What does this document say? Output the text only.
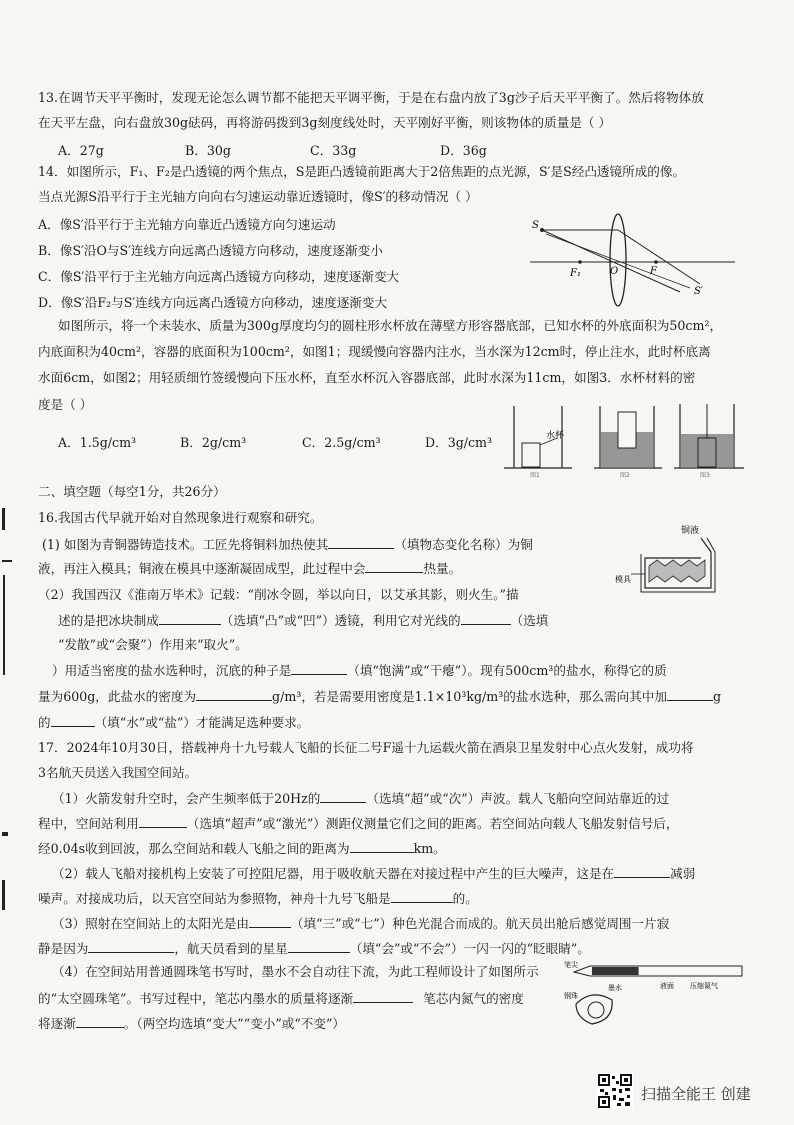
13.在调节天平平衡时，发现无论怎么调节都不能把天平调平衡，于是在右盘内放了3g沙子后天平平衡了。然后将物体放
在天平左盘，向右盘放30g砝码，再将游码拨到3g刻度线处时，天平刚好平衡，则该物体的质量是（ ）
A．27g	B．30g	C．33g	D．36g
14．如图所示，F₁、F₂是凸透镜的两个焦点，S是距凸透镜前距离大于2倍焦距的点光源，S′是S经凸透镜所成的像。
当点光源S沿平行于主光轴方向向右匀速运动靠近透镜时，像S′的移动情况（ ）
A．像S′沿平行于主光轴方向靠近凸透镜方向匀速运动
B．像S′沿O与S′连线方向远离凸透镜方向移动，速度逐渐变小
C．像S′沿平行于主光轴方向远离凸透镜方向移动，速度逐渐变大
D．像S′沿F₂与S′连线方向远离凸透镜方向移动，速度逐渐变大
S
F₁	O	F
S′
如图所示，将一个未装水、质量为300g厚度均匀的圆柱形水杯放在薄壁方形容器底部，已知水杯的外底面积为50cm²，
内底面积为40cm²，容器的底面积为100cm²，如图1；现缓慢向容器内注水，当水深为12cm时，停止注水，此时杯底离
水面6cm，如图2；用轻质细竹签缓慢向下压水杯，直至水杯沉入容器底部，此时水深为11cm，如图3．水杯材料的密
度是（ ）
A．1.5g/cm³	B．2g/cm³	C．2.5g/cm³	D．3g/cm³	水杯
图1	图2	图3
二、填空题（每空1分，共26分）
16.我国古代早就开始对自然现象进行观察和研究。
(1) 如图为青铜器铸造技术。工匠先将铜料加热使其	（填物态变化名称）为铜
液，再注入模具；铜液在模具中逐渐凝固成型，此过程中会	热量。
（2）我国西汉《淮南万毕术》记载：“削冰令圆，举以向日，以艾承其影，则火生。”描
述的是把冰块制成	（选填“凸”或“凹”）透镜，利用它对光线的	（选填
“发散”或“会聚”）作用来“取火”。
）用适当密度的盐水选种时，沉底的种子是	（填“饱满”或“干瘪”）。现有500cm³的盐水，称得它的质
量为600g，此盐水的密度为	g/m³，若是需要用密度是1.1×10³kg/m³的盐水选种，那么需向其中加	g
的	（填“水”或“盐”）才能满足选种要求。
铜液
模具
17．2024年10月30日，搭载神舟十九号载人飞船的长征二号F遥十九运载火箭在酒泉卫星发射中心点火发射，成功将
3名航天员送入我国空间站。
（1）火箭发射升空时，会产生频率低于20Hz的	（选填“超”或“次”）声波。载人飞船向空间站靠近的过
程中，空间站利用	（选填“超声”或“激光”）测距仪测量它们之间的距离。若空间站向载人飞船发射信号后，
经0.04s收到回波，那么空间站和载人飞船之间的距离为	km。
（2）载人飞船对接机构上安装了可控阻尼器，用于吸收航天器在对接过程中产生的巨大噪声，这是在	减弱
噪声。对接成功后，以天宫空间站为参照物，神舟十九号飞船是	的。
（3）照射在空间站上的太阳光是由	（填“三”或“七”）种色光混合而成的。航天员出舱后感觉周围一片寂
静是因为	，航天员看到的星星	（填“会”或“不会”）一闪一闪的“眨眼睛”。
（4）在空间站用普通圆珠笔书写时，墨水不会自动往下流，为此工程师设计了如图所示
的“太空圆珠笔”。书写过程中，笔芯内墨水的质量将逐渐	笔芯内氮气的密度
将逐渐	。（两空均选填“变大”“变小”或“不变”）
笔尖
墨水	液面 压缩氮气
钢珠
扫描全能王 创建
